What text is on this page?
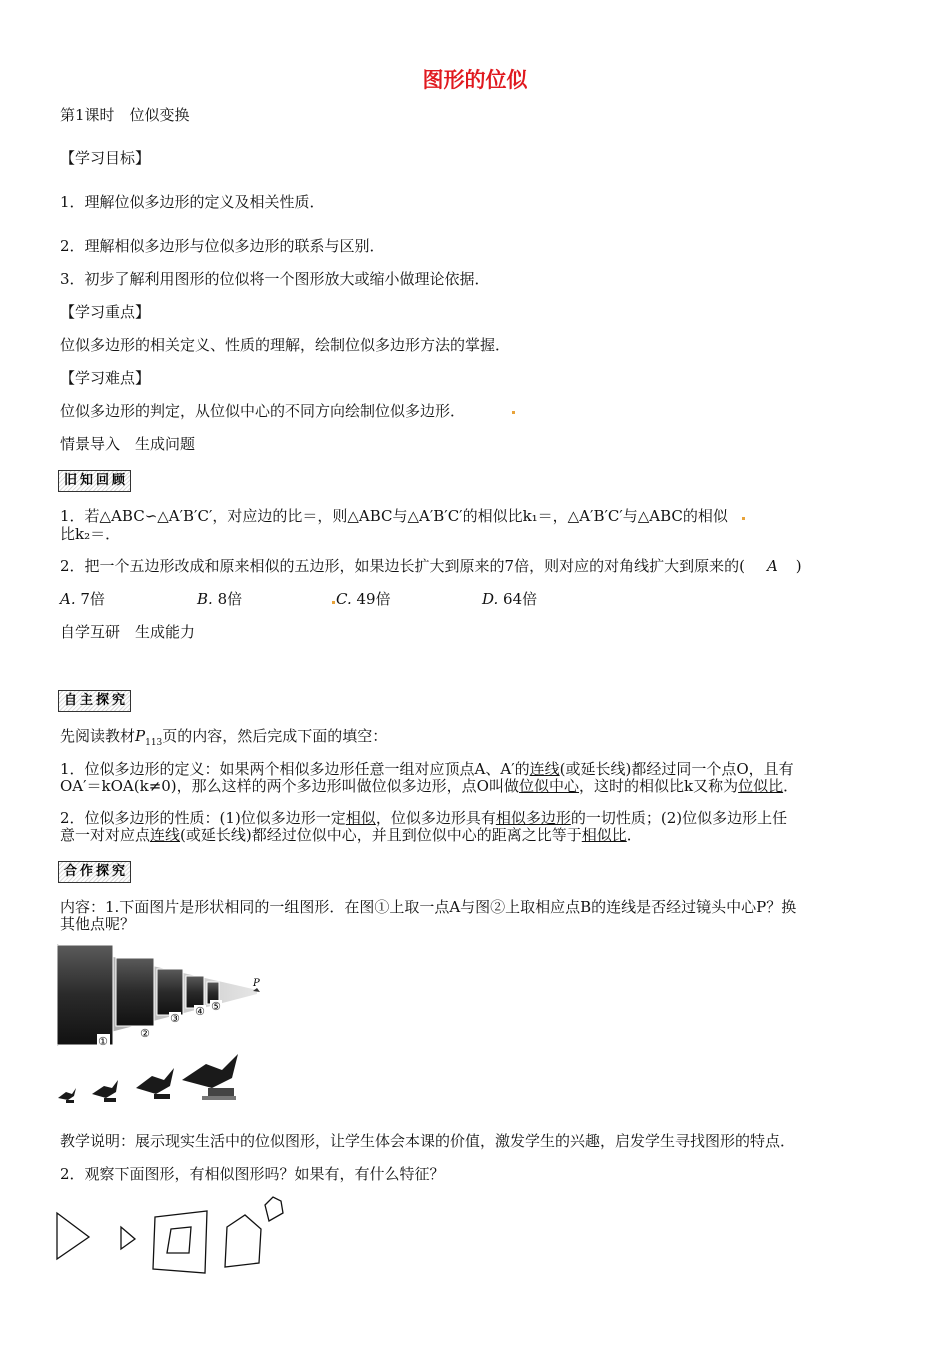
图形的位似
第1课时　位似变换
【学习目标】
1．理解位似多边形的定义及相关性质．
2．理解相似多边形与位似多边形的联系与区别．
3．初步了解利用图形的位似将一个图形放大或缩小做理论依据．
【学习重点】
位似多边形的相关定义、性质的理解，绘制位似多边形方法的掌握．
【学习难点】
位似多边形的判定，从位似中心的不同方向绘制位似多边形．
情景导入　生成问题
旧知回顾
1．若△ABC∽△A′B′C′，对应边的比＝，则△ABC与△A′B′C′的相似比k₁＝，△A′B′C′与△ABC的相似
比k₂＝．
2．把一个五边形改成和原来相似的五边形，如果边长扩大到原来的7倍，则对应的对角线扩大到原来的( A )
A. 7倍	B. 8倍	C. 49倍	D. 64倍
自学互研　生成能力
自主探究
先阅读教材$P_{113}$页的内容，然后完成下面的填空：
1．位似多边形的定义：如果两个相似多边形任意一组对应顶点A、A′的连线(或延长线)都经过同一个点O，且有
OA′＝kOA(k≠0)，那么这样的两个多边形叫做位似多边形，点O叫做位似中心，这时的相似比k又称为位似比．
2．位似多边形的性质：(1)位似多边形一定相似，位似多边形具有相似多边形的一切性质；(2)位似多边形上任
意一对对应点连线(或延长线)都经过位似中心，并且到位似中心的距离之比等于相似比．
合作探究
内容：1.下面图片是形状相同的一组图形．在图①上取一点A与图②上取相应点B的连线是否经过镜头中心P？换
其他点呢？
P
①
②
③
④ ⑤
教学说明：展示现实生活中的位似图形，让学生体会本课的价值，激发学生的兴趣，启发学生寻找图形的特点．
2．观察下面图形，有相似图形吗？如果有，有什么特征？
